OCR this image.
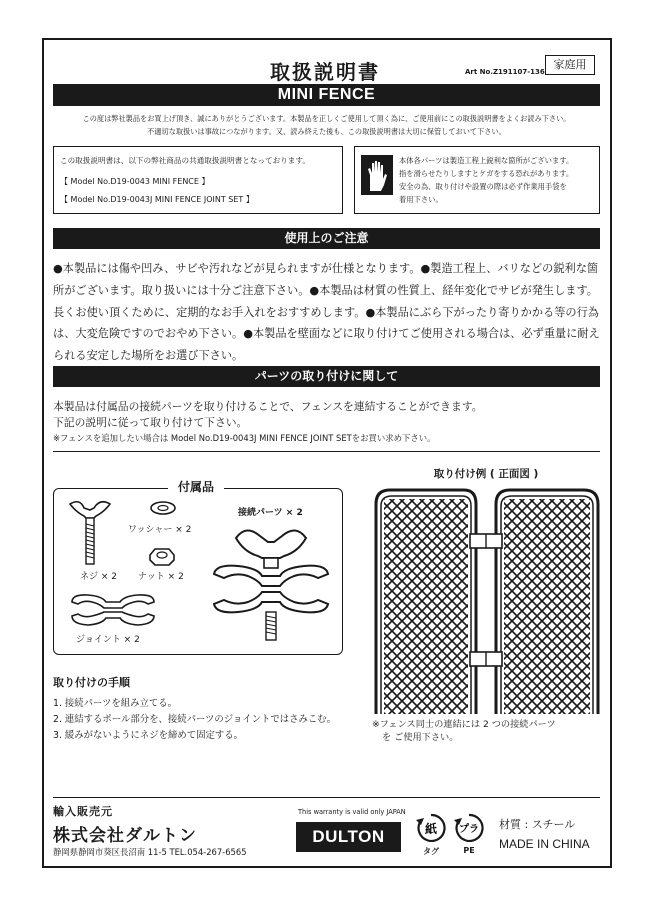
取扱説明書	Art No.Z191107-136
家庭用
MINI FENCE
この度は弊社製品をお買上げ頂き、誠にありがとうございます。本製品を正しくご使用して頂く為に、ご使用前にこの取扱説明書をよくお読み下さい。
不適切な取扱いは事故につながります。又、読み終えた後も、この取扱説明書は大切に保管しておいて下さい。
この取扱説明書は、以下の弊社商品の共通取扱説明書となっております。
【 Model No.D19-0043 MINI FENCE 】
【 Model No.D19-0043J MINI FENCE JOINT SET 】
本体各パーツは製造工程上鋭利な箇所がございます。
指を滑らせたりしますとケガをする恐れがあります。
安全の為、取り付けや設置の際は必ず作業用手袋を
着用下さい。
使用上のご注意
●本製品には傷や凹み、サビや汚れなどが見られますが仕様となります。●製造工程上、バリなどの鋭利な箇
所がございます。取り扱いには十分ご注意下さい。●本製品は材質の性質上、経年変化でサビが発生します。
長くお使い頂くために、定期的なお手入れをおすすめします。●本製品にぶら下がったり寄りかかる等の行為
は、大変危険ですのでおやめ下さい。●本製品を壁面などに取り付けてご使用される場合は、必ず重量に耐え
られる安定した場所をお選び下さい。
パーツの取り付けに関して
本製品は付属品の接続パーツを取り付けることで、フェンスを連結することができます。
下記の説明に従って取り付けて下さい。
※フェンスを追加したい場合は Model No.D19-0043J MINI FENCE JOINT SETをお買い求め下さい。
付属品
ワッシャー × 2
ネジ × 2 ナット × 2
ジョイント × 2
接続パーツ × 2
取り付け例 ( 正面図 )
※フェンス同士の連結には 2 つの接続パーツ
を ご使用下さい。
取り付けの手順
1. 接続パーツを組み立てる。
2. 連結するポール部分を、接続パーツのジョイントではさみこむ。
3. 緩みがないようにネジを締めて固定する。
輸入販売元
株式会社ダルトン
静岡県静岡市葵区長沼南 11-5 TEL.054-267-6565
This warranty is valid only JAPAN
DULTON	紙
タグ
プラ
PE
材質 : スチール
MADE IN CHINA
